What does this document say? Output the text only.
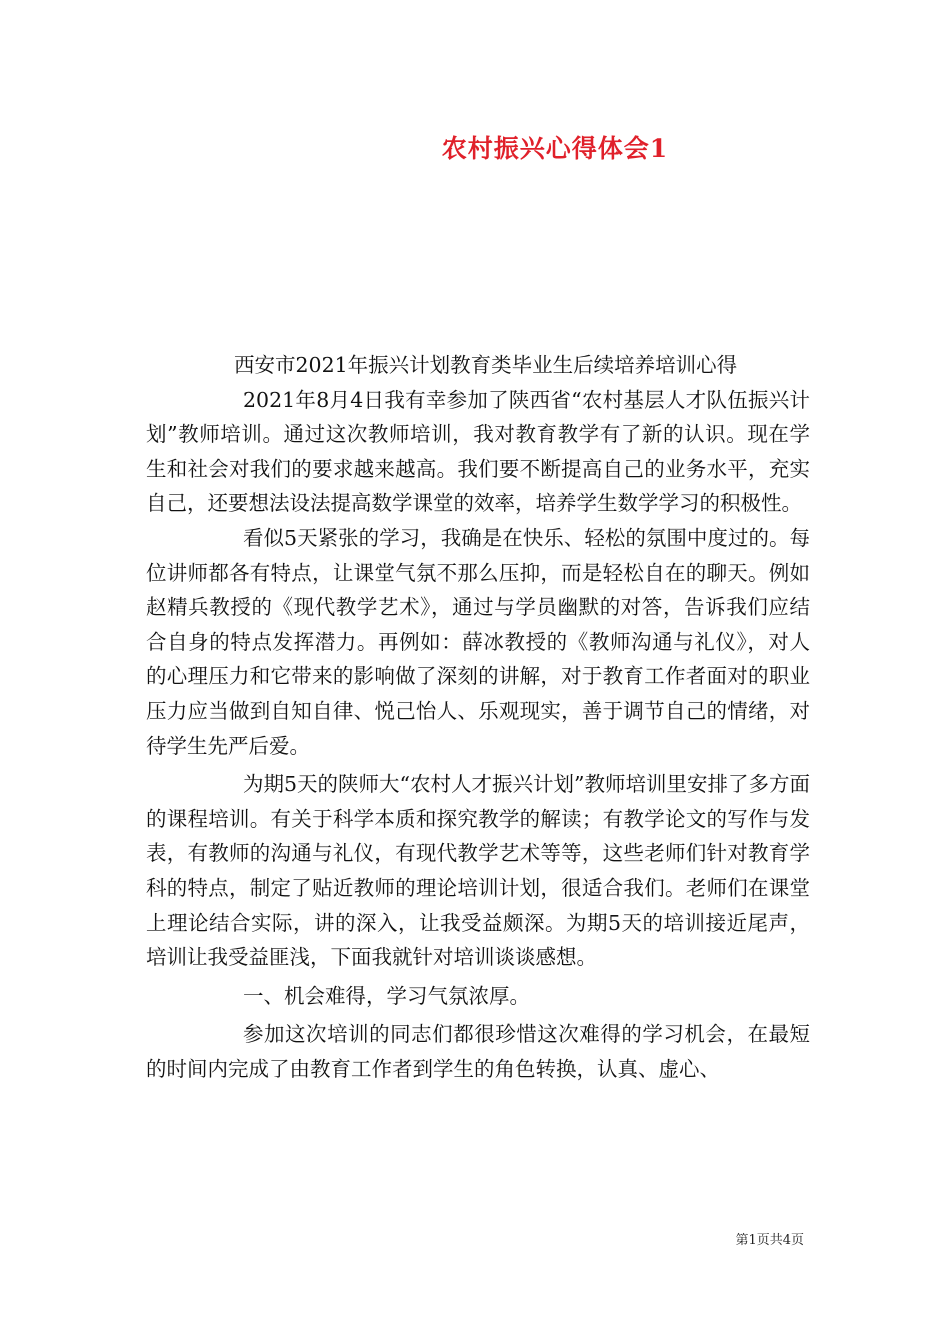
农村振兴心得体会1
西安市2021年振兴计划教育类毕业生后续培养培训心得

2021年8月4日我有幸参加了陕西省“农村基层人才队伍振兴计划”教师培训。通过这次教师培训，我对教育教学有了新的认识。现在学生和社会对我们的要求越来越高。我们要不断提高自己的业务水平，充实自己，还要想法设法提高数学课堂的效率，培养学生数学学习的积极性。

看似5天紧张的学习，我确是在快乐、轻松的氛围中度过的。每位讲师都各有特点，让课堂气氛不那么压抑，而是轻松自在的聊天。例如赵精兵教授的《现代教学艺术》，通过与学员幽默的对答，告诉我们应结合自身的特点发挥潜力。再例如：薛冰教授的《教师沟通与礼仪》，对人的心理压力和它带来的影响做了深刻的讲解，对于教育工作者面对的职业压力应当做到自知自律、悦己怡人、乐观现实，善于调节自己的情绪，对待学生先严后爱。

为期5天的陕师大“农村人才振兴计划”教师培训里安排了多方面的课程培训。有关于科学本质和探究教学的解读；有教学论文的写作与发表，有教师的沟通与礼仪，有现代教学艺术等等，这些老师们针对教育学科的特点，制定了贴近教师的理论培训计划，很适合我们。老师们在课堂上理论结合实际，讲的深入，让我受益颇深。为期5天的培训接近尾声，培训让我受益匪浅，下面我就针对培训谈谈感想。

一、机会难得，学习气氛浓厚。

参加这次培训的同志们都很珍惜这次难得的学习机会，在最短的时间内完成了由教育工作者到学生的角色转换，认真、虚心、

第1页共4页
